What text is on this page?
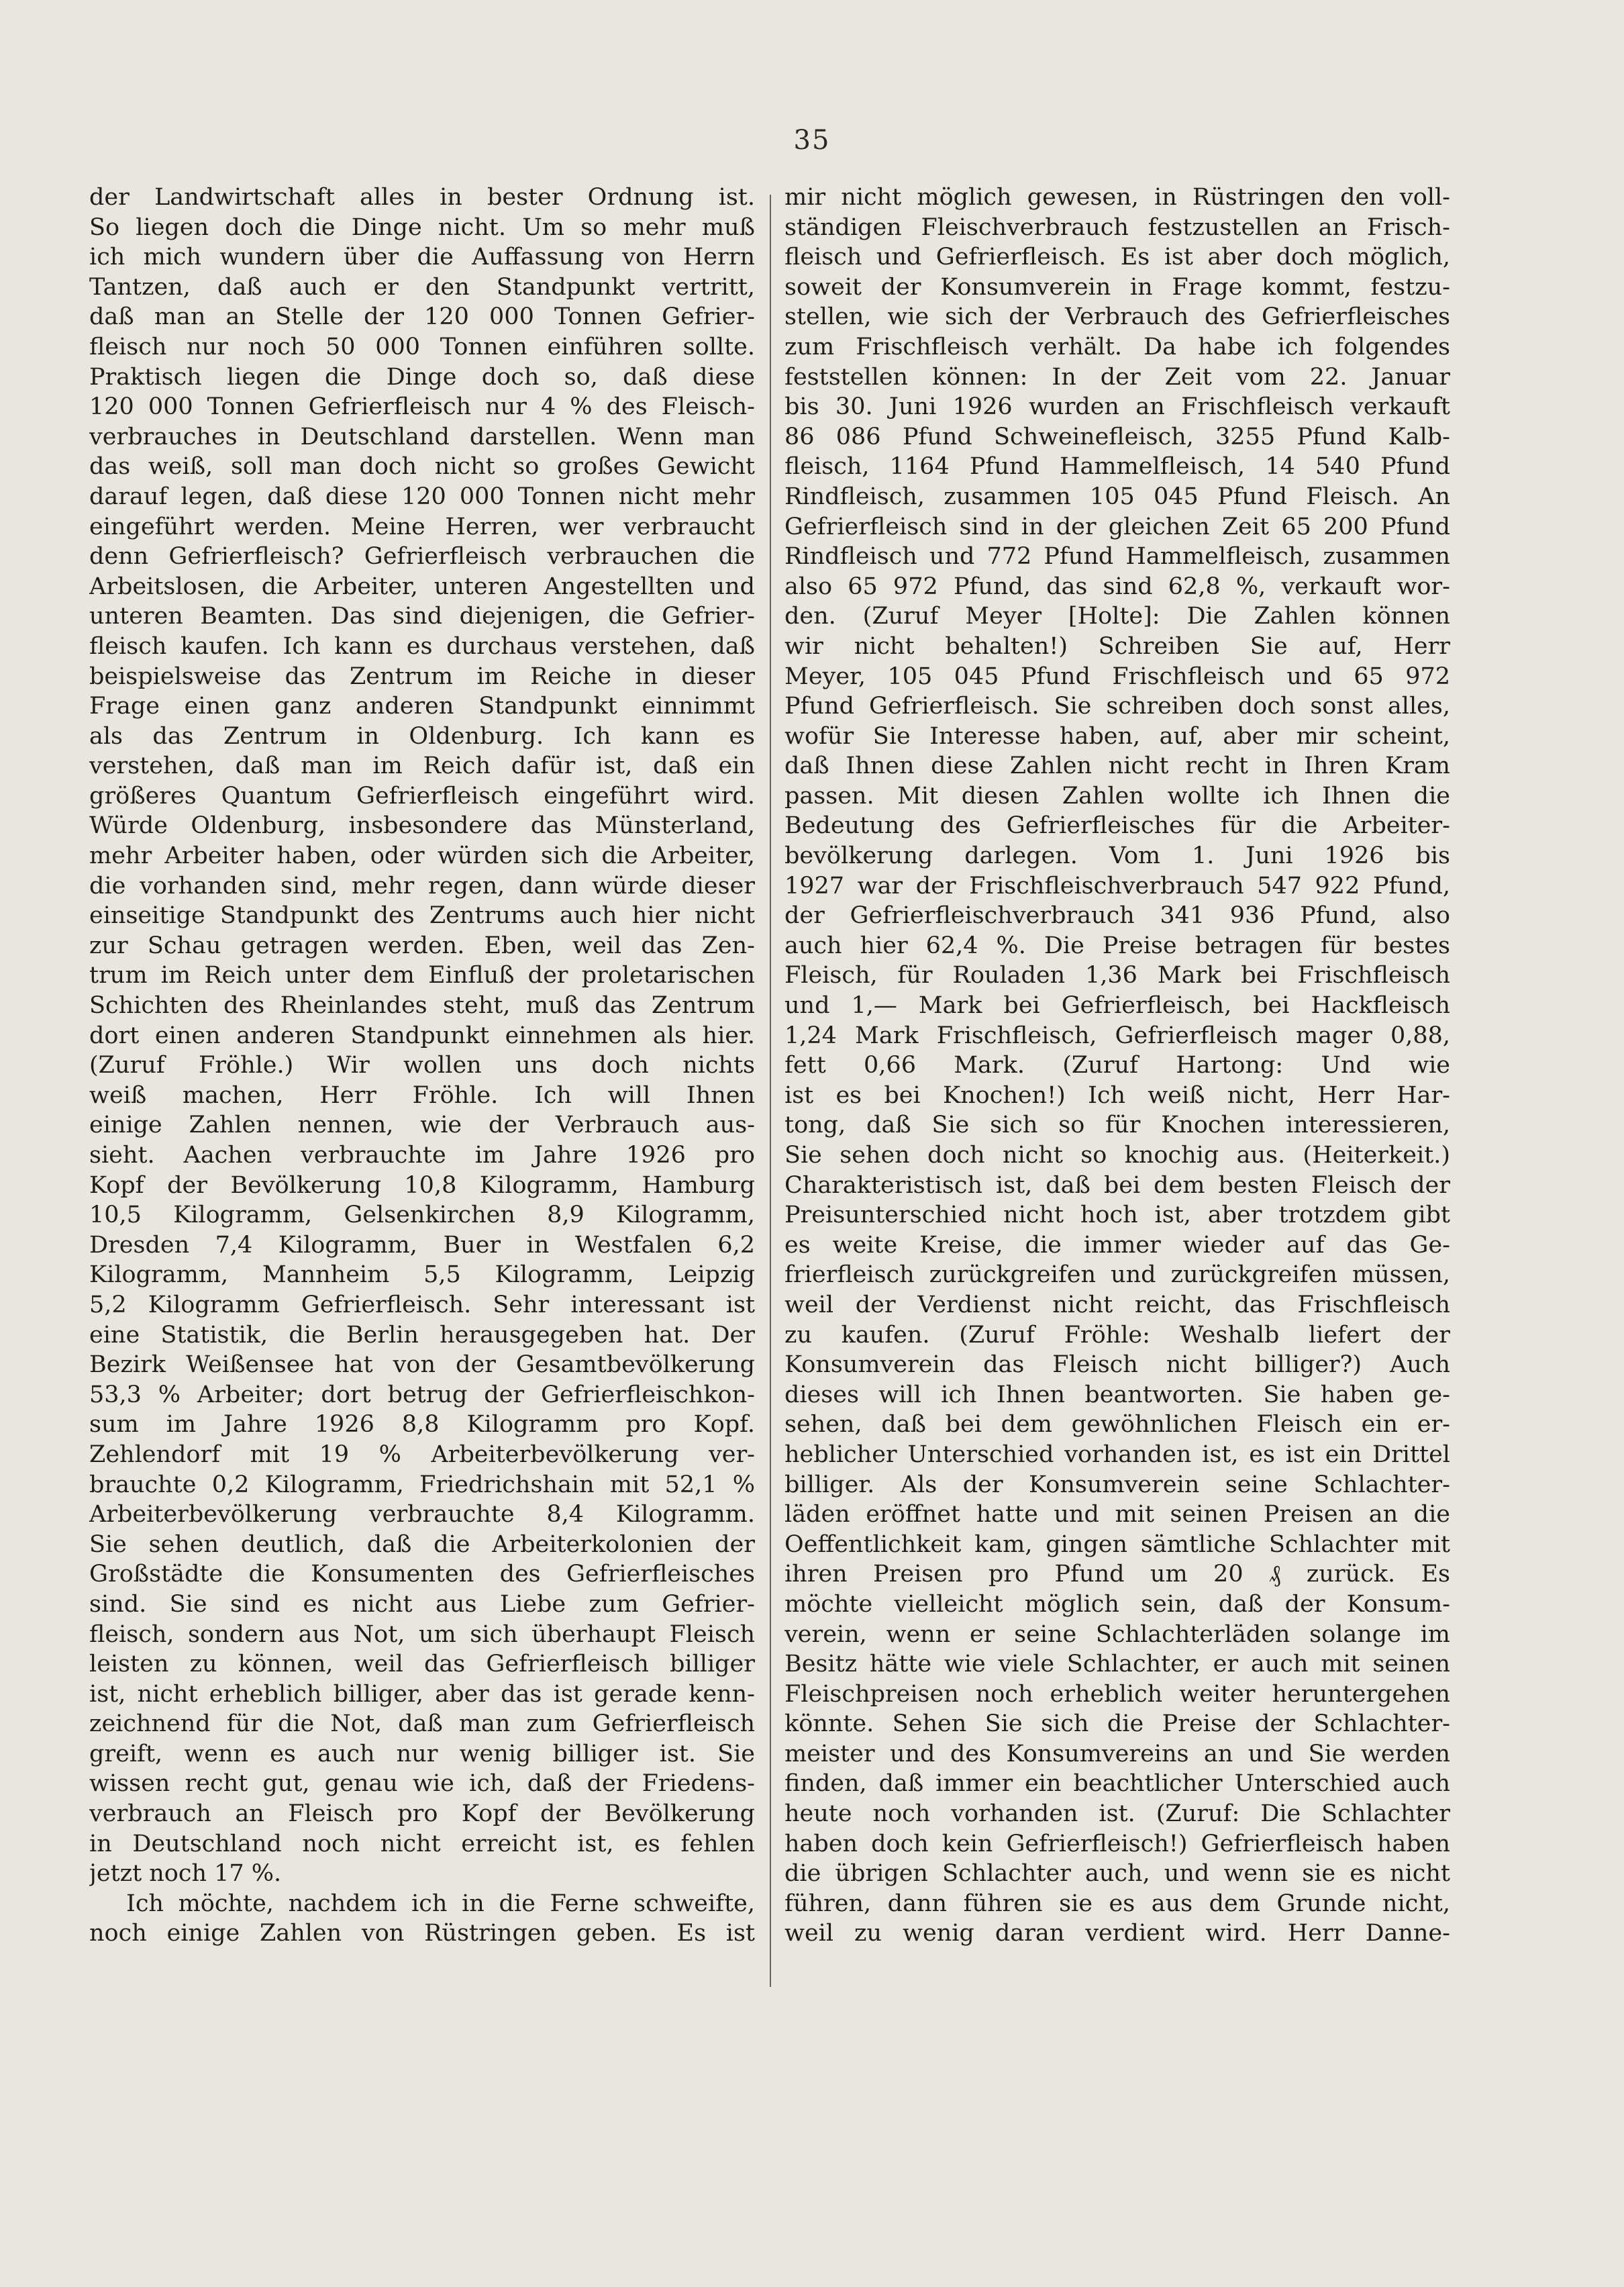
35
der Landwirtschaft alles in bester Ordnung ist.
So liegen doch die Dinge nicht. Um so mehr muß
ich mich wundern über die Auffassung von Herrn
Tantzen, daß auch er den Standpunkt vertritt,
daß man an Stelle der 120 000 Tonnen Gefrier-
fleisch nur noch 50 000 Tonnen einführen sollte.
Praktisch liegen die Dinge doch so, daß diese
120 000 Tonnen Gefrierfleisch nur 4 % des Fleisch-
verbrauches in Deutschland darstellen. Wenn man
das weiß, soll man doch nicht so großes Gewicht
darauf legen, daß diese 120 000 Tonnen nicht mehr
eingeführt werden. Meine Herren, wer verbraucht
denn Gefrierfleisch? Gefrierfleisch verbrauchen die
Arbeitslosen, die Arbeiter, unteren Angestellten und
unteren Beamten. Das sind diejenigen, die Gefrier-
fleisch kaufen. Ich kann es durchaus verstehen, daß
beispielsweise das Zentrum im Reiche in dieser
Frage einen ganz anderen Standpunkt einnimmt
als das Zentrum in Oldenburg. Ich kann es
verstehen, daß man im Reich dafür ist, daß ein
größeres Quantum Gefrierfleisch eingeführt wird.
Würde Oldenburg, insbesondere das Münsterland,
mehr Arbeiter haben, oder würden sich die Arbeiter,
die vorhanden sind, mehr regen, dann würde dieser
einseitige Standpunkt des Zentrums auch hier nicht
zur Schau getragen werden. Eben, weil das Zen-
trum im Reich unter dem Einfluß der proletarischen
Schichten des Rheinlandes steht, muß das Zentrum
dort einen anderen Standpunkt einnehmen als hier.
(Zuruf Fröhle.) Wir wollen uns doch nichts
weiß machen, Herr Fröhle. Ich will Ihnen
einige Zahlen nennen, wie der Verbrauch aus-
sieht. Aachen verbrauchte im Jahre 1926 pro
Kopf der Bevölkerung 10,8 Kilogramm, Hamburg
10,5 Kilogramm, Gelsenkirchen 8,9 Kilogramm,
Dresden 7,4 Kilogramm, Buer in Westfalen 6,2
Kilogramm, Mannheim 5,5 Kilogramm, Leipzig
5,2 Kilogramm Gefrierfleisch. Sehr interessant ist
eine Statistik, die Berlin herausgegeben hat. Der
Bezirk Weißensee hat von der Gesamtbevölkerung
53,3 % Arbeiter; dort betrug der Gefrierfleischkon-
sum im Jahre 1926 8,8 Kilogramm pro Kopf.
Zehlendorf mit 19 % Arbeiterbevölkerung ver-
brauchte 0,2 Kilogramm, Friedrichshain mit 52,1 %
Arbeiterbevölkerung verbrauchte 8,4 Kilogramm.
Sie sehen deutlich, daß die Arbeiterkolonien der
Großstädte die Konsumenten des Gefrierfleisches
sind. Sie sind es nicht aus Liebe zum Gefrier-
fleisch, sondern aus Not, um sich überhaupt Fleisch
leisten zu können, weil das Gefrierfleisch billiger
ist, nicht erheblich billiger, aber das ist gerade kenn-
zeichnend für die Not, daß man zum Gefrierfleisch
greift, wenn es auch nur wenig billiger ist. Sie
wissen recht gut, genau wie ich, daß der Friedens-
verbrauch an Fleisch pro Kopf der Bevölkerung
in Deutschland noch nicht erreicht ist, es fehlen
jetzt noch 17 %.
Ich möchte, nachdem ich in die Ferne schweifte,
noch einige Zahlen von Rüstringen geben. Es ist
mir nicht möglich gewesen, in Rüstringen den voll-
ständigen Fleischverbrauch festzustellen an Frisch-
fleisch und Gefrierfleisch. Es ist aber doch möglich,
soweit der Konsumverein in Frage kommt, festzu-
stellen, wie sich der Verbrauch des Gefrierfleisches
zum Frischfleisch verhält. Da habe ich folgendes
feststellen können: In der Zeit vom 22. Januar
bis 30. Juni 1926 wurden an Frischfleisch verkauft
86 086 Pfund Schweinefleisch, 3255 Pfund Kalb-
fleisch, 1164 Pfund Hammelfleisch, 14 540 Pfund
Rindfleisch, zusammen 105 045 Pfund Fleisch. An
Gefrierfleisch sind in der gleichen Zeit 65 200 Pfund
Rindfleisch und 772 Pfund Hammelfleisch, zusammen
also 65 972 Pfund, das sind 62,8 %, verkauft wor-
den. (Zuruf Meyer [Holte]: Die Zahlen können
wir nicht behalten!) Schreiben Sie auf, Herr
Meyer, 105 045 Pfund Frischfleisch und 65 972
Pfund Gefrierfleisch. Sie schreiben doch sonst alles,
wofür Sie Interesse haben, auf, aber mir scheint,
daß Ihnen diese Zahlen nicht recht in Ihren Kram
passen. Mit diesen Zahlen wollte ich Ihnen die
Bedeutung des Gefrierfleisches für die Arbeiter-
bevölkerung darlegen. Vom 1. Juni 1926 bis
1927 war der Frischfleischverbrauch 547 922 Pfund,
der Gefrierfleischverbrauch 341 936 Pfund, also
auch hier 62,4 %. Die Preise betragen für bestes
Fleisch, für Rouladen 1,36 Mark bei Frischfleisch
und 1,— Mark bei Gefrierfleisch, bei Hackfleisch
1,24 Mark Frischfleisch, Gefrierfleisch mager 0,88,
fett 0,66 Mark. (Zuruf Hartong: Und wie
ist es bei Knochen!) Ich weiß nicht, Herr Har-
tong, daß Sie sich so für Knochen interessieren,
Sie sehen doch nicht so knochig aus. (Heiterkeit.)
Charakteristisch ist, daß bei dem besten Fleisch der
Preisunterschied nicht hoch ist, aber trotzdem gibt
es weite Kreise, die immer wieder auf das Ge-
frierfleisch zurückgreifen und zurückgreifen müssen,
weil der Verdienst nicht reicht, das Frischfleisch
zu kaufen. (Zuruf Fröhle: Weshalb liefert der
Konsumverein das Fleisch nicht billiger?) Auch
dieses will ich Ihnen beantworten. Sie haben ge-
sehen, daß bei dem gewöhnlichen Fleisch ein er-
heblicher Unterschied vorhanden ist, es ist ein Drittel
billiger. Als der Konsumverein seine Schlachter-
läden eröffnet hatte und mit seinen Preisen an die
Oeffentlichkeit kam, gingen sämtliche Schlachter mit
ihren Preisen pro Pfund um 20 ₰ zurück. Es
möchte vielleicht möglich sein, daß der Konsum-
verein, wenn er seine Schlachterläden solange im
Besitz hätte wie viele Schlachter, er auch mit seinen
Fleischpreisen noch erheblich weiter heruntergehen
könnte. Sehen Sie sich die Preise der Schlachter-
meister und des Konsumvereins an und Sie werden
finden, daß immer ein beachtlicher Unterschied auch
heute noch vorhanden ist. (Zuruf: Die Schlachter
haben doch kein Gefrierfleisch!) Gefrierfleisch haben
die übrigen Schlachter auch, und wenn sie es nicht
führen, dann führen sie es aus dem Grunde nicht,
weil zu wenig daran verdient wird. Herr Danne-
